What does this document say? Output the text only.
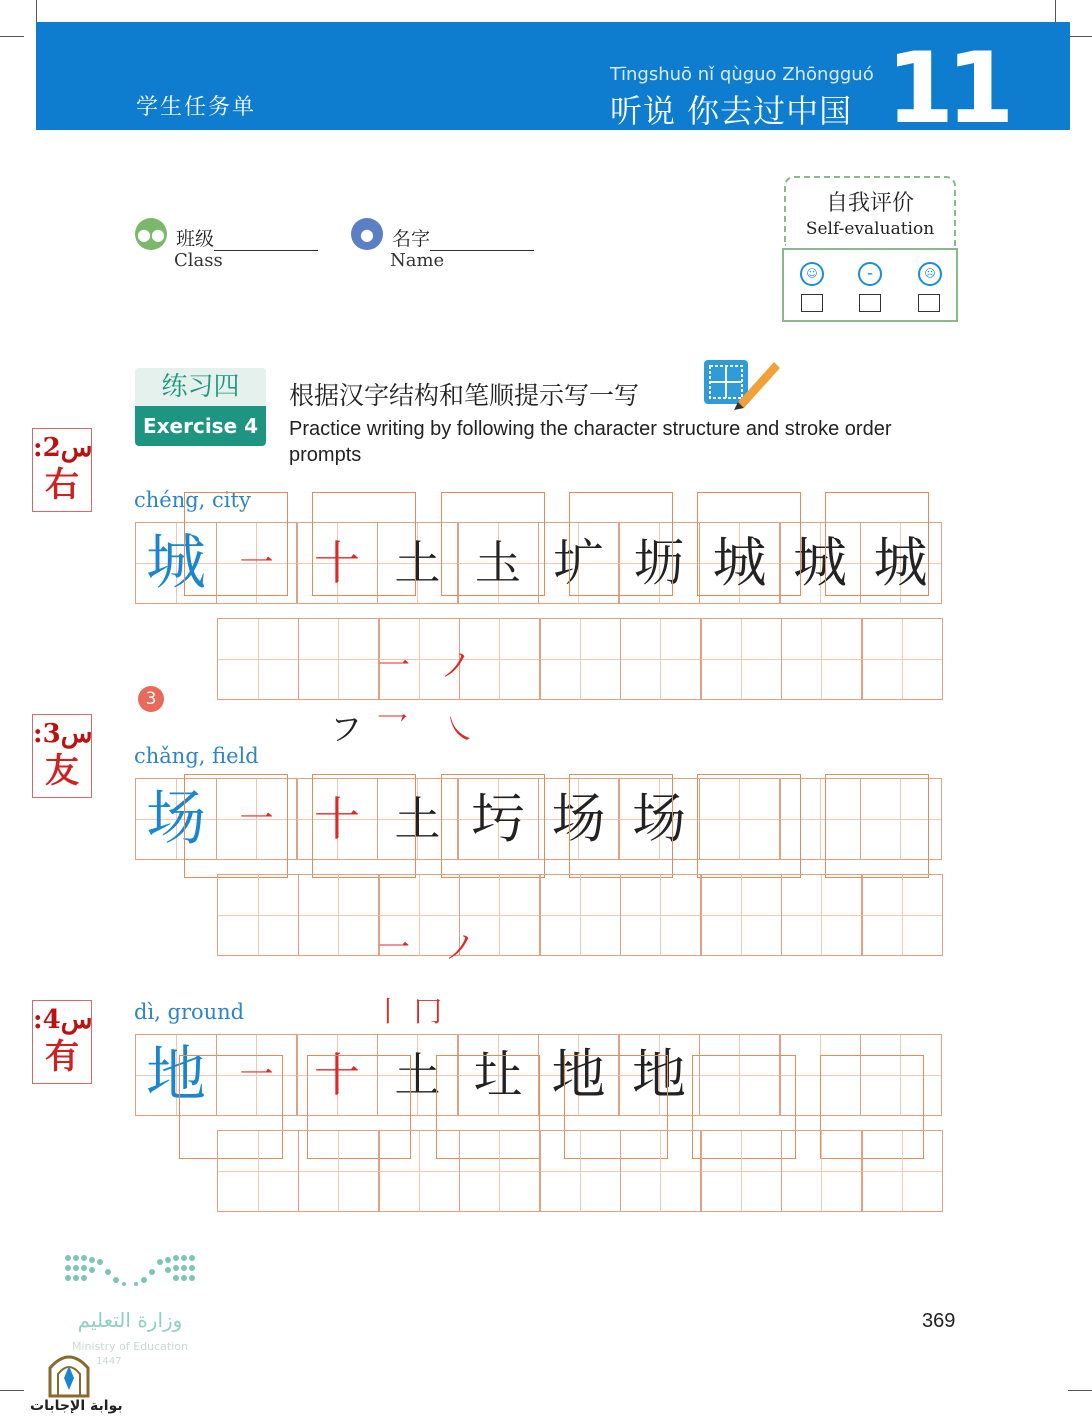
学生任务单
Tīngshuō nǐ qùguo Zhōngguó
听说 你去过中国 11
●● 班级
Class
● 名字
Name
自我评价
Self-evaluation
☺	–	☹
练习四
Exercise 4
根据汉字结构和笔顺提示写一写
Practice writing by following the character structure and stroke order prompts
:2س
右
:3س
友
:4س
有
3
chéng, city
城 一 十 土 圡 圹 坜 城 城 城
一 ノ
フ 乛 ㇏
chǎng, field
场 一 十 土 圬 场 场
一 ノ
dì, ground	丨 冂
地 一 十 土 圵 地 地
وزارة التعليم
Ministry of Education
1447
369
بوابة الإجابات
